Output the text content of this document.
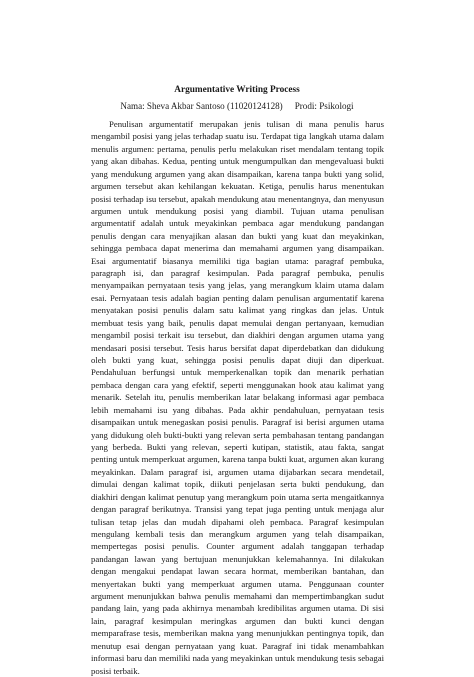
Argumentative Writing Process

Nama: Sheva Akbar Santoso (11020124128) Prodi: Psikologi

Penulisan argumentatif merupakan jenis tulisan di mana penulis harus mengambil posisi yang jelas terhadap suatu isu. Terdapat tiga langkah utama dalam menulis argumen: pertama, penulis perlu melakukan riset mendalam tentang topik yang akan dibahas. Kedua, penting untuk mengumpulkan dan mengevaluasi bukti yang mendukung argumen yang akan disampaikan, karena tanpa bukti yang solid, argumen tersebut akan kehilangan kekuatan. Ketiga, penulis harus menentukan posisi terhadap isu tersebut, apakah mendukung atau menentangnya, dan menyusun argumen untuk mendukung posisi yang diambil. Tujuan utama penulisan argumentatif adalah untuk meyakinkan pembaca agar mendukung pandangan penulis dengan cara menyajikan alasan dan bukti yang kuat dan meyakinkan, sehingga pembaca dapat menerima dan memahami argumen yang disampaikan. Esai argumentatif biasanya memiliki tiga bagian utama: paragraf pembuka, paragraph isi, dan paragraf kesimpulan. Pada paragraf pembuka, penulis menyampaikan pernyataan tesis yang jelas, yang merangkum klaim utama dalam esai. Pernyataan tesis adalah bagian penting dalam penulisan argumentatif karena menyatakan posisi penulis dalam satu kalimat yang ringkas dan jelas. Untuk membuat tesis yang baik, penulis dapat memulai dengan pertanyaan, kemudian mengambil posisi terkait isu tersebut, dan diakhiri dengan argumen utama yang mendasari posisi tersebut. Tesis harus bersifat dapat diperdebatkan dan didukung oleh bukti yang kuat, sehingga posisi penulis dapat diuji dan diperkuat. Pendahuluan berfungsi untuk memperkenalkan topik dan menarik perhatian pembaca dengan cara yang efektif, seperti menggunakan hook atau kalimat yang menarik. Setelah itu, penulis memberikan latar belakang informasi agar pembaca lebih memahami isu yang dibahas. Pada akhir pendahuluan, pernyataan tesis disampaikan untuk menegaskan posisi penulis. Paragraf isi berisi argumen utama yang didukung oleh bukti-bukti yang relevan serta pembahasan tentang pandangan yang berbeda. Bukti yang relevan, seperti kutipan, statistik, atau fakta, sangat penting untuk memperkuat argumen, karena tanpa bukti kuat, argumen akan kurang meyakinkan. Dalam paragraf isi, argumen utama dijabarkan secara mendetail, dimulai dengan kalimat topik, diikuti penjelasan serta bukti pendukung, dan diakhiri dengan kalimat penutup yang merangkum poin utama serta mengaitkannya dengan paragraf berikutnya. Transisi yang tepat juga penting untuk menjaga alur tulisan tetap jelas dan mudah dipahami oleh pembaca. Paragraf kesimpulan mengulang kembali tesis dan merangkum argumen yang telah disampaikan, mempertegas posisi penulis. Counter argument adalah tanggapan terhadap pandangan lawan yang bertujuan menunjukkan kelemahannya. Ini dilakukan dengan mengakui pendapat lawan secara hormat, memberikan bantahan, dan menyertakan bukti yang memperkuat argumen utama. Penggunaan counter argument menunjukkan bahwa penulis memahami dan mempertimbangkan sudut pandang lain, yang pada akhirnya menambah kredibilitas argumen utama. Di sisi lain, paragraf kesimpulan meringkas argumen dan bukti kunci dengan memparafrase tesis, memberikan makna yang menunjukkan pentingnya topik, dan menutup esai dengan pernyataan yang kuat. Paragraf ini tidak menambahkan informasi baru dan memiliki nada yang meyakinkan untuk mendukung tesis sebagai posisi terbaik.
